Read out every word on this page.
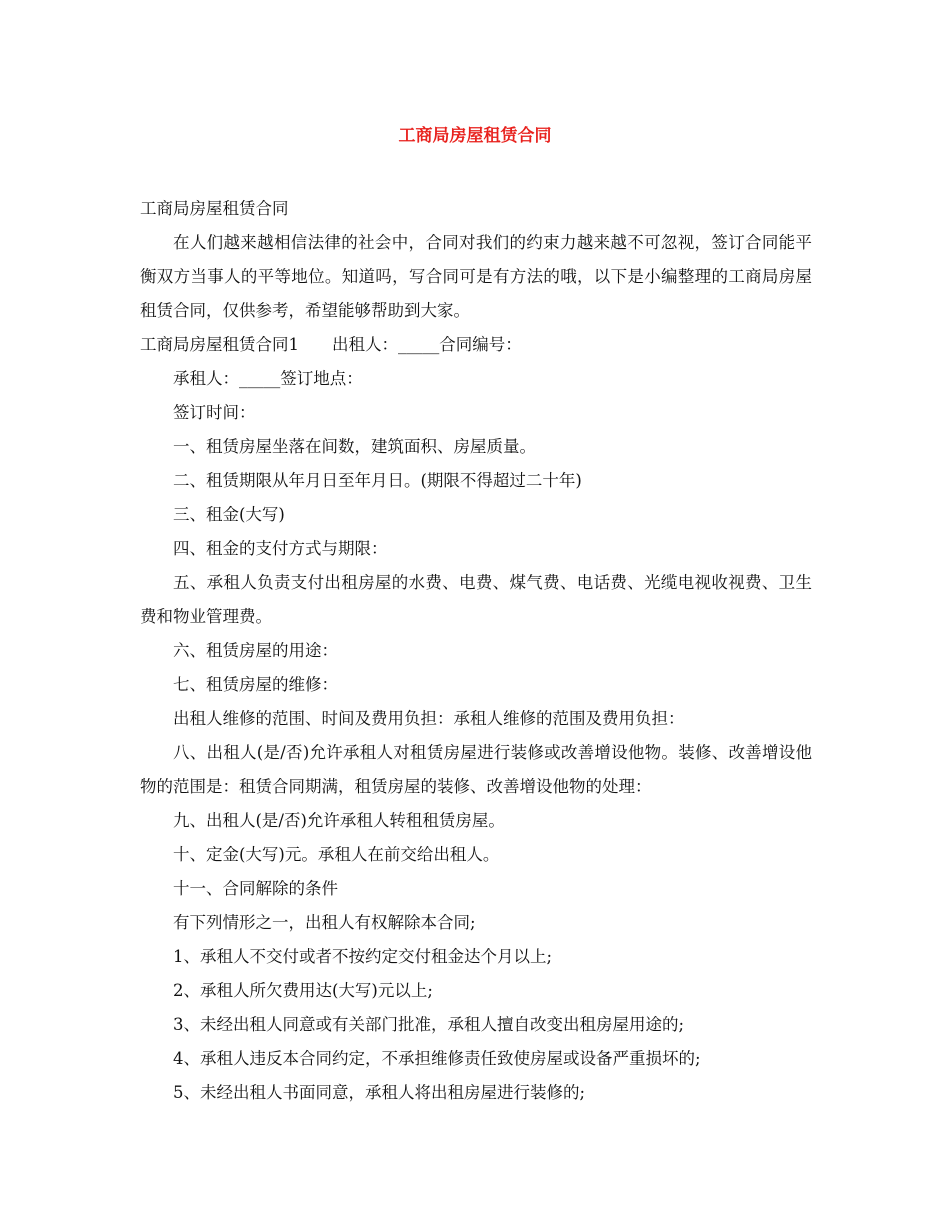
工商局房屋租赁合同

工商局房屋租赁合同

在人们越来越相信法律的社会中，合同对我们的约束力越来越不可忽视，签订合同能平衡双方当事人的平等地位。知道吗，写合同可是有方法的哦，以下是小编整理的工商局房屋租赁合同，仅供参考，希望能够帮助到大家。

工商局房屋租赁合同1　　出租人：_____合同编号：

承租人：_____签订地点：

签订时间：

一、租赁房屋坐落在间数，建筑面积、房屋质量。

二、租赁期限从年月日至年月日。(期限不得超过二十年)

三、租金(大写)

四、租金的支付方式与期限：

五、承租人负责支付出租房屋的水费、电费、煤气费、电话费、光缆电视收视费、卫生费和物业管理费。

六、租赁房屋的用途：

七、租赁房屋的维修：

出租人维修的范围、时间及费用负担：承租人维修的范围及费用负担：

八、出租人(是/否)允许承租人对租赁房屋进行装修或改善增设他物。装修、改善增设他物的范围是：租赁合同期满，租赁房屋的装修、改善增设他物的处理：

九、出租人(是/否)允许承租人转租租赁房屋。

十、定金(大写)元。承租人在前交给出租人。

十一、合同解除的条件

有下列情形之一，出租人有权解除本合同;

1、承租人不交付或者不按约定交付租金达个月以上;

2、承租人所欠费用达(大写)元以上;

3、未经出租人同意或有关部门批准，承租人擅自改变出租房屋用途的;

4、承租人违反本合同约定，不承担维修责任致使房屋或设备严重损坏的;

5、未经出租人书面同意，承租人将出租房屋进行装修的;
